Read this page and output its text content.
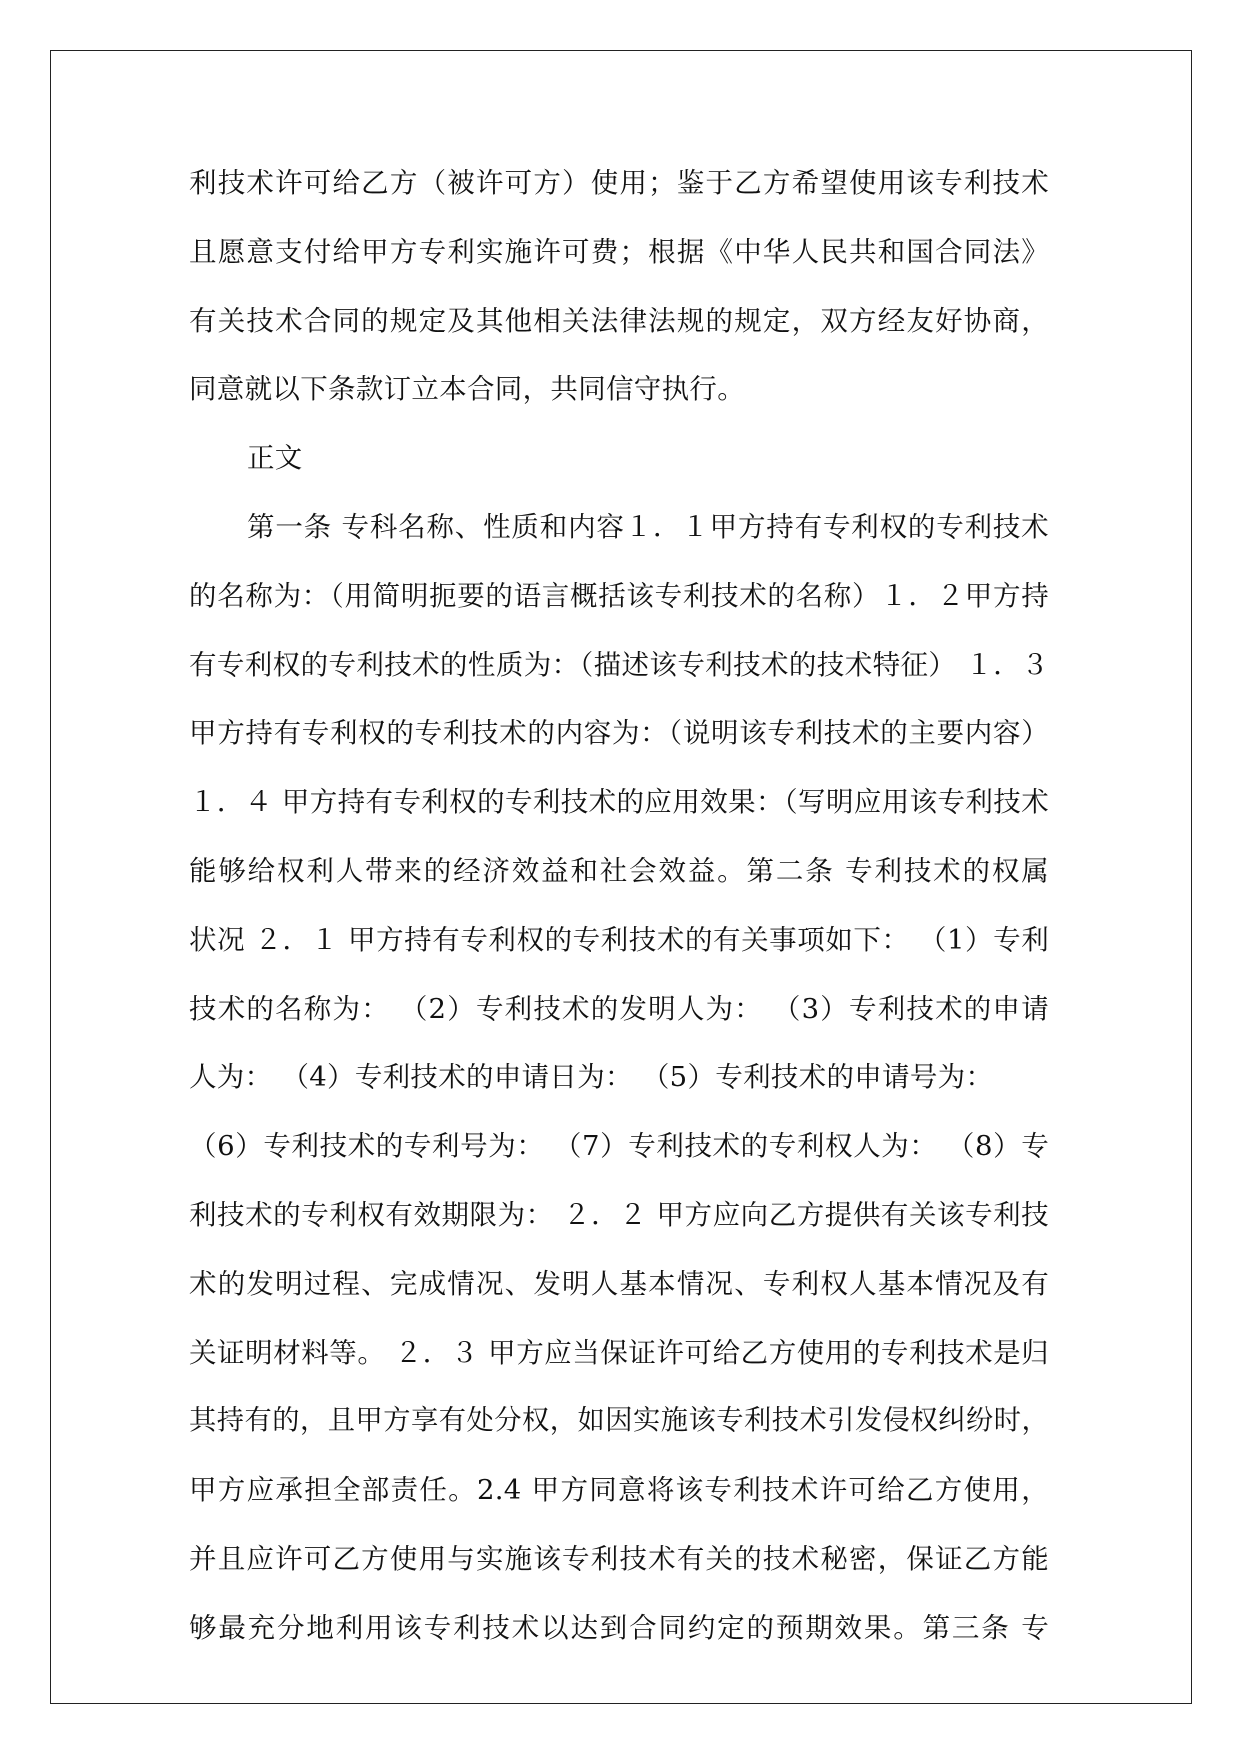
利技术许可给乙方（被许可方）使用；鉴于乙方希望使用该专利技术
且愿意支付给甲方专利实施许可费；根据《中华人民共和国合同法》
有关技术合同的规定及其他相关法律法规的规定，双方经友好协商，
同意就以下条款订立本合同，共同信守执行。
正文
第一条 专科名称、性质和内容１．１甲方持有专利权的专利技术
的名称为：（用简明扼要的语言概括该专利技术的名称）１．２甲方持
有专利权的专利技术的性质为：（描述该专利技术的技术特征） １．３
甲方持有专利权的专利技术的内容为：（说明该专利技术的主要内容）
１．４ 甲方持有专利权的专利技术的应用效果：（写明应用该专利技术
能够给权利人带来的经济效益和社会效益。第二条 专利技术的权属
状况 ２．１ 甲方持有专利权的专利技术的有关事项如下： （1）专利
技术的名称为： （2）专利技术的发明人为： （3）专利技术的申请
人为： （4）专利技术的申请日为： （5）专利技术的申请号为：
（6）专利技术的专利号为： （7）专利技术的专利权人为： （8）专
利技术的专利权有效期限为： ２．２ 甲方应向乙方提供有关该专利技
术的发明过程、完成情况、发明人基本情况、专利权人基本情况及有
关证明材料等。 ２．３ 甲方应当保证许可给乙方使用的专利技术是归
其持有的，且甲方享有处分权，如因实施该专利技术引发侵权纠纷时，
甲方应承担全部责任。2.4 甲方同意将该专利技术许可给乙方使用，
并且应许可乙方使用与实施该专利技术有关的技术秘密，保证乙方能
够最充分地利用该专利技术以达到合同约定的预期效果。第三条 专
